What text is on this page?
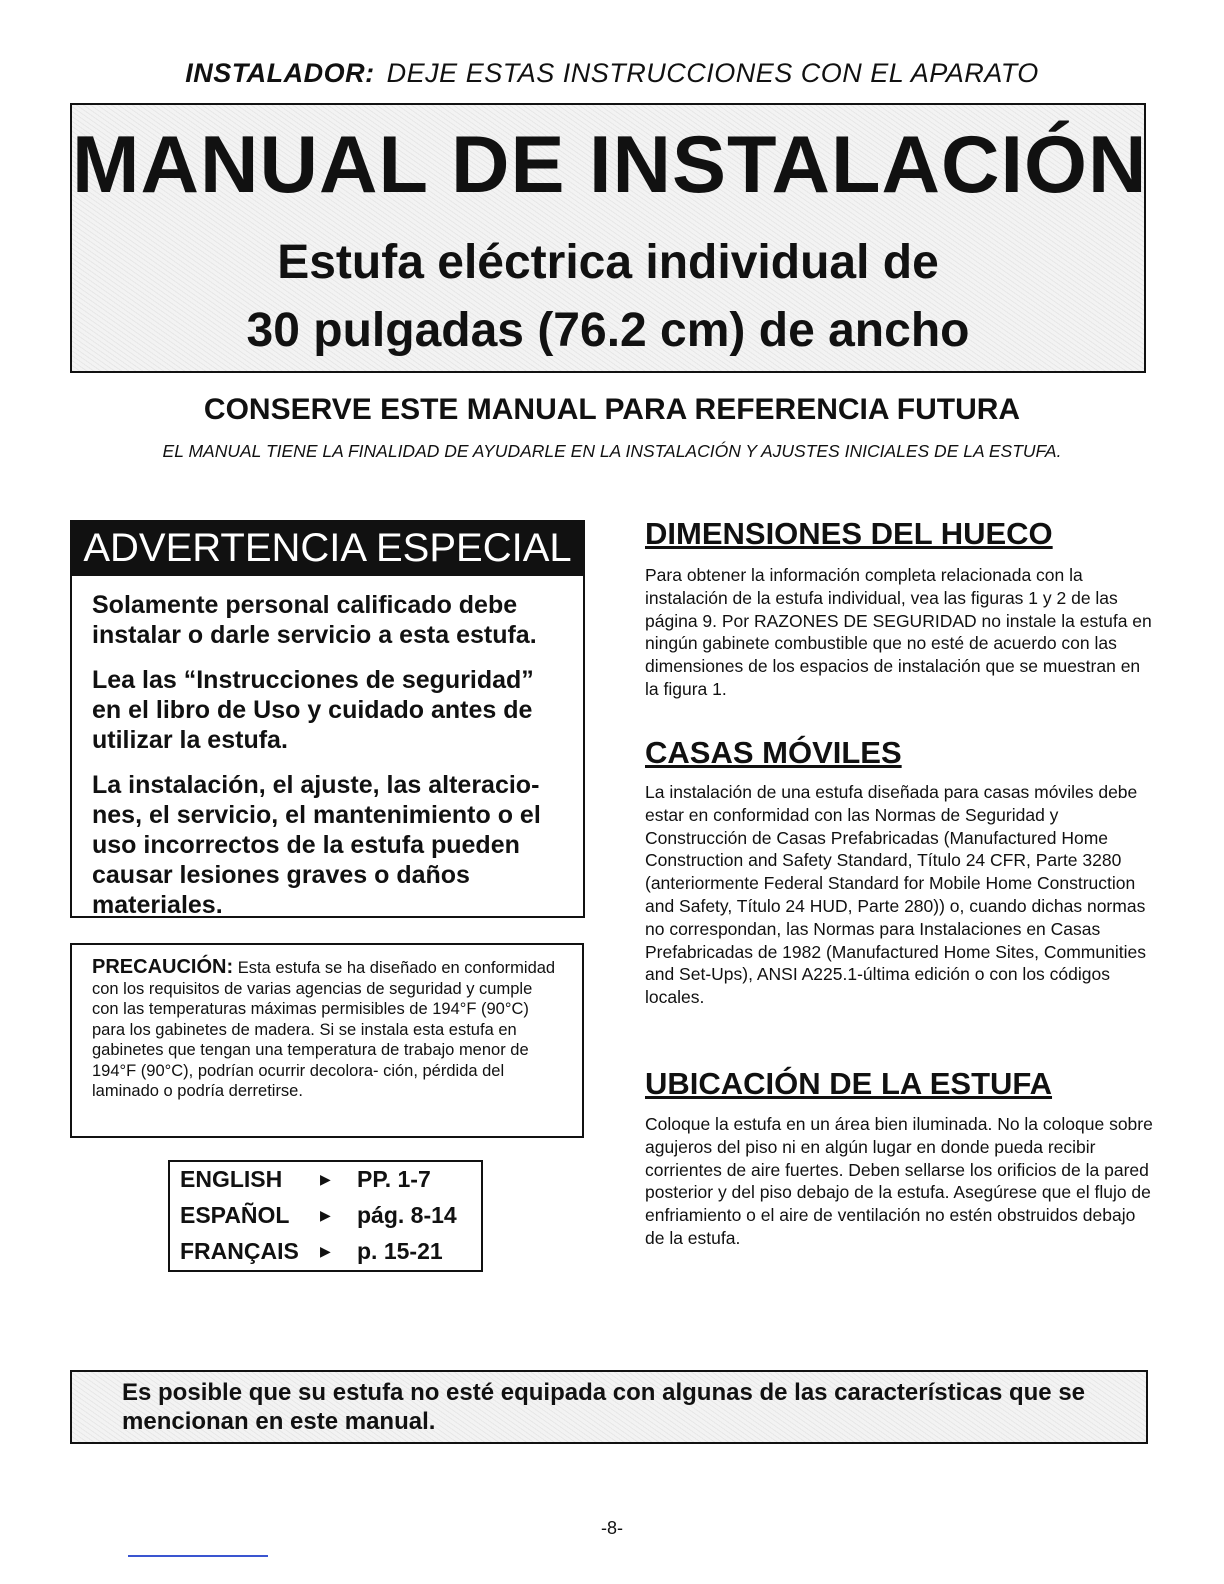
INSTALADOR: DEJE ESTAS INSTRUCCIONES CON EL APARATO
MANUAL DE INSTALACIÓN
Estufa eléctrica individual de
30 pulgadas (76.2 cm) de ancho
CONSERVE ESTE MANUAL PARA REFERENCIA FUTURA
EL MANUAL TIENE LA FINALIDAD DE AYUDARLE EN LA INSTALACIÓN Y AJUSTES INICIALES DE LA ESTUFA.
ADVERTENCIA ESPECIAL

Solamente personal calificado debe instalar o darle servicio a esta estufa.

Lea las “Instrucciones de seguridad” en el libro de Uso y cuidado antes de utilizar la estufa.

La instalación, el ajuste, las alteracio- nes, el servicio, el mantenimiento o el uso incorrectos de la estufa pueden causar lesiones graves o daños materiales.

PRECAUCIÓN: Esta estufa se ha diseñado en conformidad con los requisitos de varias agencias de seguridad y cumple con las temperaturas máximas permisibles de 194°F (90°C) para los gabinetes de madera. Si se instala esta estufa en gabinetes que tengan una temperatura de trabajo menor de 194°F (90°C), podrían ocurrir decolora- ción, pérdida del laminado o podría derretirse.

ENGLISH	▶ PP. 1-7
ESPAÑOL ▶ pág. 8-14
FRANÇAIS ▶ p. 15-21
DIMENSIONES DEL HUECO

Para obtener la información completa relacionada con la instalación de la estufa individual, vea las figuras 1 y 2 de las página 9. Por RAZONES DE SEGURIDAD no instale la estufa en ningún gabinete combustible que no esté de acuerdo con las dimensiones de los espacios de instalación que se muestran en la figura 1.

CASAS MÓVILES

La instalación de una estufa diseñada para casas móviles debe estar en conformidad con las Normas de Seguridad y Construcción de Casas Prefabricadas (Manufactured Home Construction and Safety Standard, Título 24 CFR, Parte 3280 (anteriormente Federal Standard for Mobile Home Construction and Safety, Título 24 HUD, Parte 280)) o, cuando dichas normas no correspondan, las Normas para Instalaciones en Casas Prefabricadas de 1982 (Manufactured Home Sites, Communities and Set-Ups), ANSI A225.1-última edición o con los códigos locales.

UBICACIÓN DE LA ESTUFA

Coloque la estufa en un área bien iluminada. No la coloque sobre agujeros del piso ni en algún lugar en donde pueda recibir corrientes de aire fuertes. Deben sellarse los orificios de la pared posterior y del piso debajo de la estufa. Asegúrese que el flujo de enfriamiento o el aire de ventilación no estén obstruidos debajo de la estufa.

Es posible que su estufa no esté equipada con algunas de las características que se mencionan en este manual.

-8-
